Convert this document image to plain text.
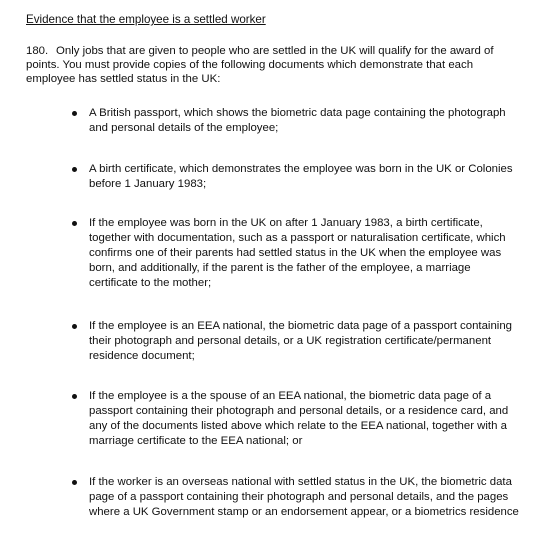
Evidence that the employee is a settled worker
180. Only jobs that are given to people who are settled in the UK will qualify for the award of
points. You must provide copies of the following documents which demonstrate that each
employee has settled status in the UK:
A British passport, which shows the biometric data page containing the photograph
and personal details of the employee;
A birth certificate, which demonstrates the employee was born in the UK or Colonies
before 1 January 1983;
If the employee was born in the UK on after 1 January 1983, a birth certificate,
together with documentation, such as a passport or naturalisation certificate, which
confirms one of their parents had settled status in the UK when the employee was
born, and additionally, if the parent is the father of the employee, a marriage
certificate to the mother;
If the employee is an EEA national, the biometric data page of a passport containing
their photograph and personal details, or a UK registration certificate/permanent
residence document;
If the employee is a the spouse of an EEA national, the biometric data page of a
passport containing their photograph and personal details, or a residence card, and
any of the documents listed above which relate to the EEA national, together with a
marriage certificate to the EEA national; or
If the worker is an overseas national with settled status in the UK, the biometric data
page of a passport containing their photograph and personal details, and the pages
where a UK Government stamp or an endorsement appear, or a biometrics residence
